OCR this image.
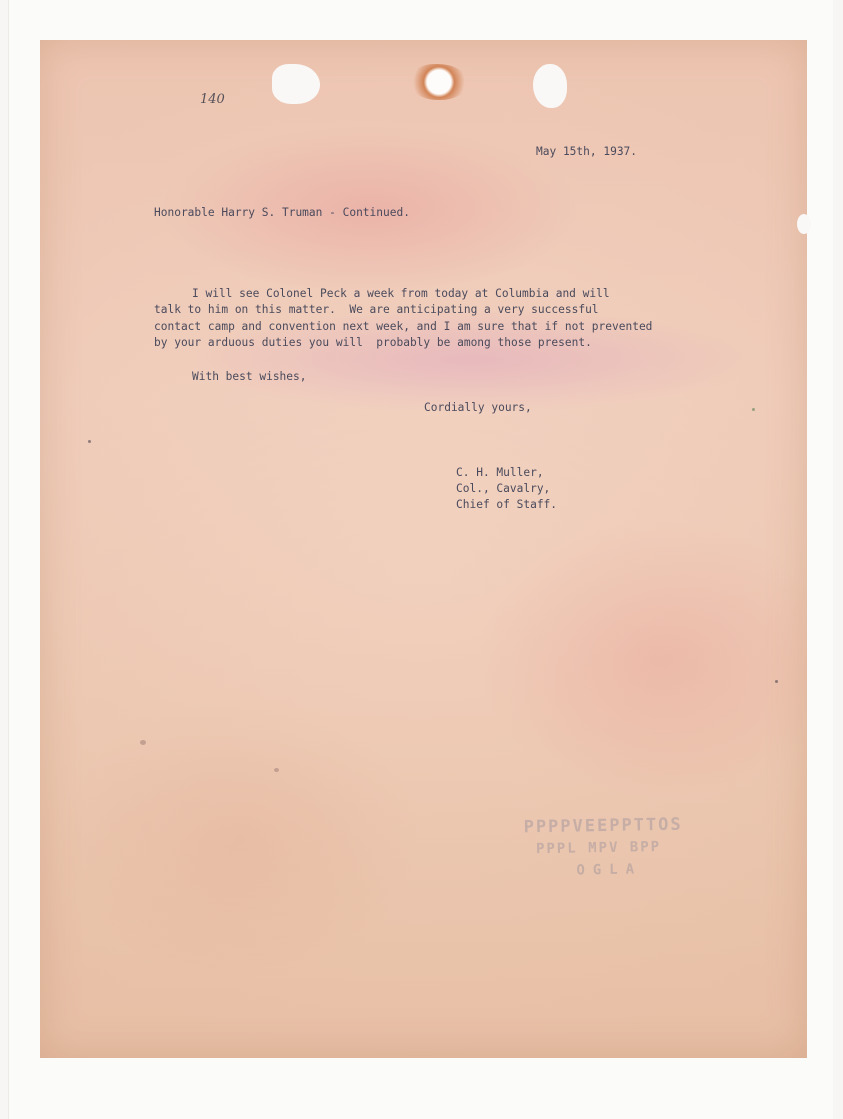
140
May 15th, 1937.
Honorable Harry S. Truman - Continued.
I will see Colonel Peck a week from today at Columbia and will
talk to him on this matter.  We are anticipating a very successful
contact camp and convention next week, and I am sure that if not prevented
by your arduous duties you will  probably be among those present.
With best wishes,
Cordially yours,
C. H. Muller,
Col., Cavalry,
Chief of Staff.
PPPPVEEPPTTOS
PPPL MPV BPP
OGLA
